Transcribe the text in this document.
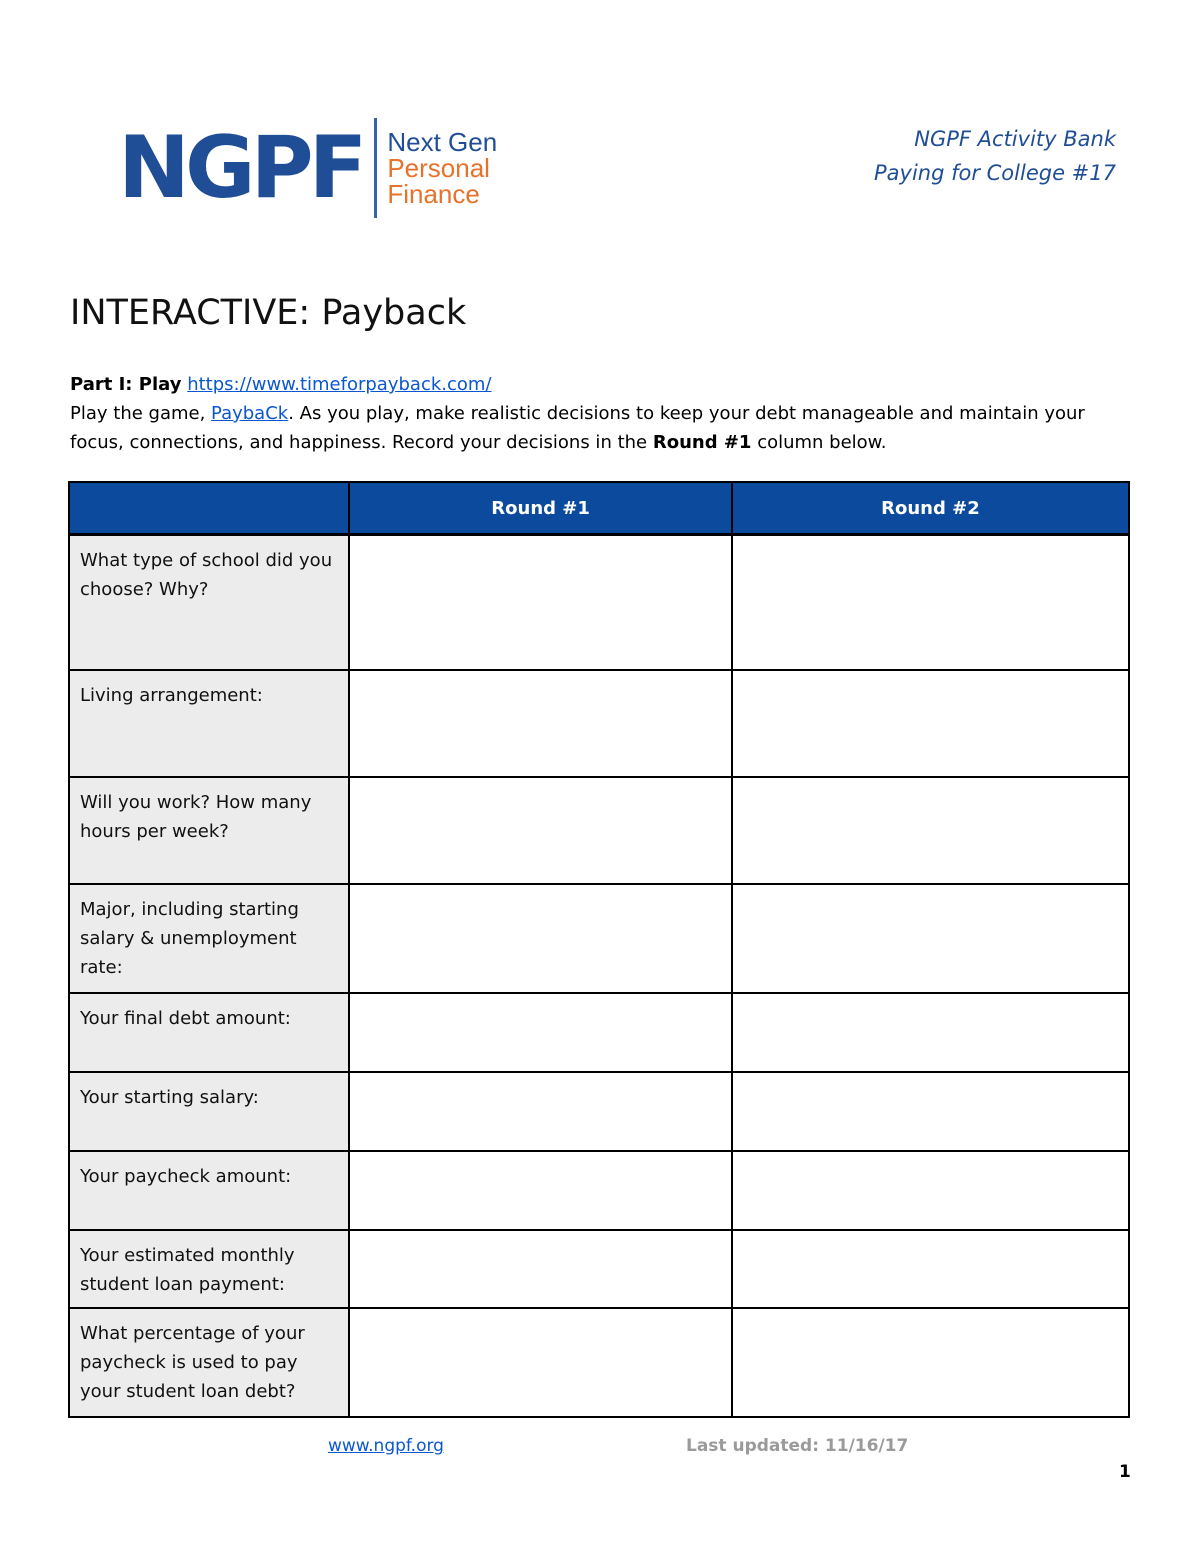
NGPF Next Gen
Personal
Finance
NGPF Activity Bank
Paying for College #17
INTERACTIVE: Payback
Part I: Play https://www.timeforpayback.com/
Play the game, PaybaCk. As you play, make realistic decisions to keep your debt manageable and maintain your focus, connections, and happiness. Record your decisions in the Round #1 column below.
	Round #1	Round #2
What type of school did you choose? Why?		
Living arrangement:		
Will you work? How many hours per week?		
Major, including starting salary & unemployment rate:		
Your final debt amount:		
Your starting salary:		
Your paycheck amount:		
Your estimated monthly student loan payment:		
What percentage of your paycheck is used to pay your student loan debt?		
www.ngpf.org	Last updated: 11/16/17
1
